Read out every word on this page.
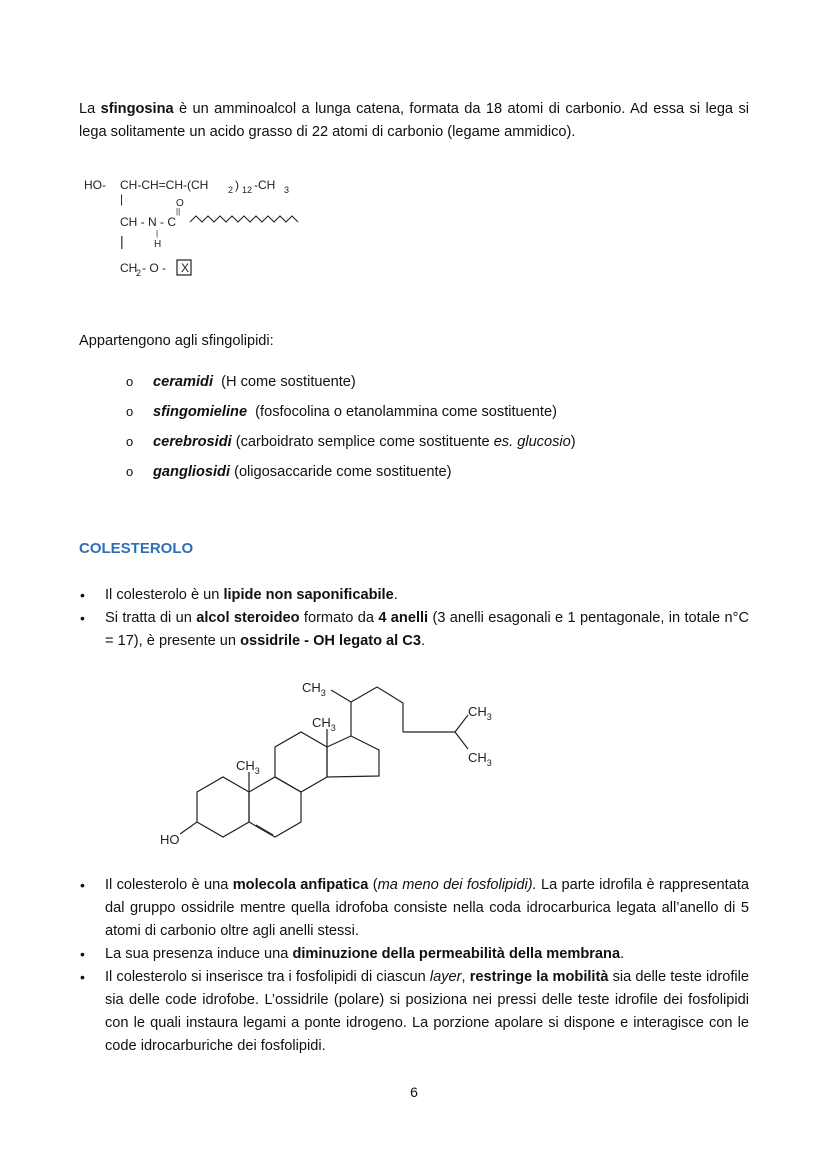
La sfingosina è un amminoalcol a lunga catena, formata da 18 atomi di carbonio. Ad essa si lega si lega solitamente un acido grasso di 22 atomi di carbonio (legame ammidico).
HO- CH-CH=CH-(CH 2 ) 12 -CH 3
|	O
||
CH - N - C
|
|	H
CH
2 - O - X
Appartengono agli sfingolipidi:
o ceramidi  (H come sostituente)
o sfingomieline  (fosfocolina o etanolammina come sostituente)
o cerebrosidi (carboidrato semplice come sostituente es. glucosio)
o gangliosidi (oligosaccaride come sostituente)
COLESTEROLO
• Il colesterolo è un lipide non saponificabile.
• Si tratta di un alcol steroideo formato da 4 anelli (3 anelli esagonali e 1 pentagonale, in totale n°C = 17), è presente un ossidrile - OH legato al C3.
$CH_3$
$CH_3$
$CH_3$
$CH_3$
$CH_3$
HO
• Il colesterolo è una molecola anfipatica (ma meno dei fosfolipidi). La parte idrofila è rappresentata dal gruppo ossidrile mentre quella idrofoba consiste nella coda idrocarburica legata all’anello di 5 atomi di carbonio oltre agli anelli stessi.
• La sua presenza induce una diminuzione della permeabilità della membrana.
• Il colesterolo si inserisce tra i fosfolipidi di ciascun layer, restringe la mobilità sia delle teste idrofile sia delle code idrofobe. L’ossidrile (polare) si posiziona nei pressi delle teste idrofile dei fosfolipidi con le quali instaura legami a ponte idrogeno. La porzione apolare si dispone e interagisce con le code idrocarburiche dei fosfolipidi.
6
